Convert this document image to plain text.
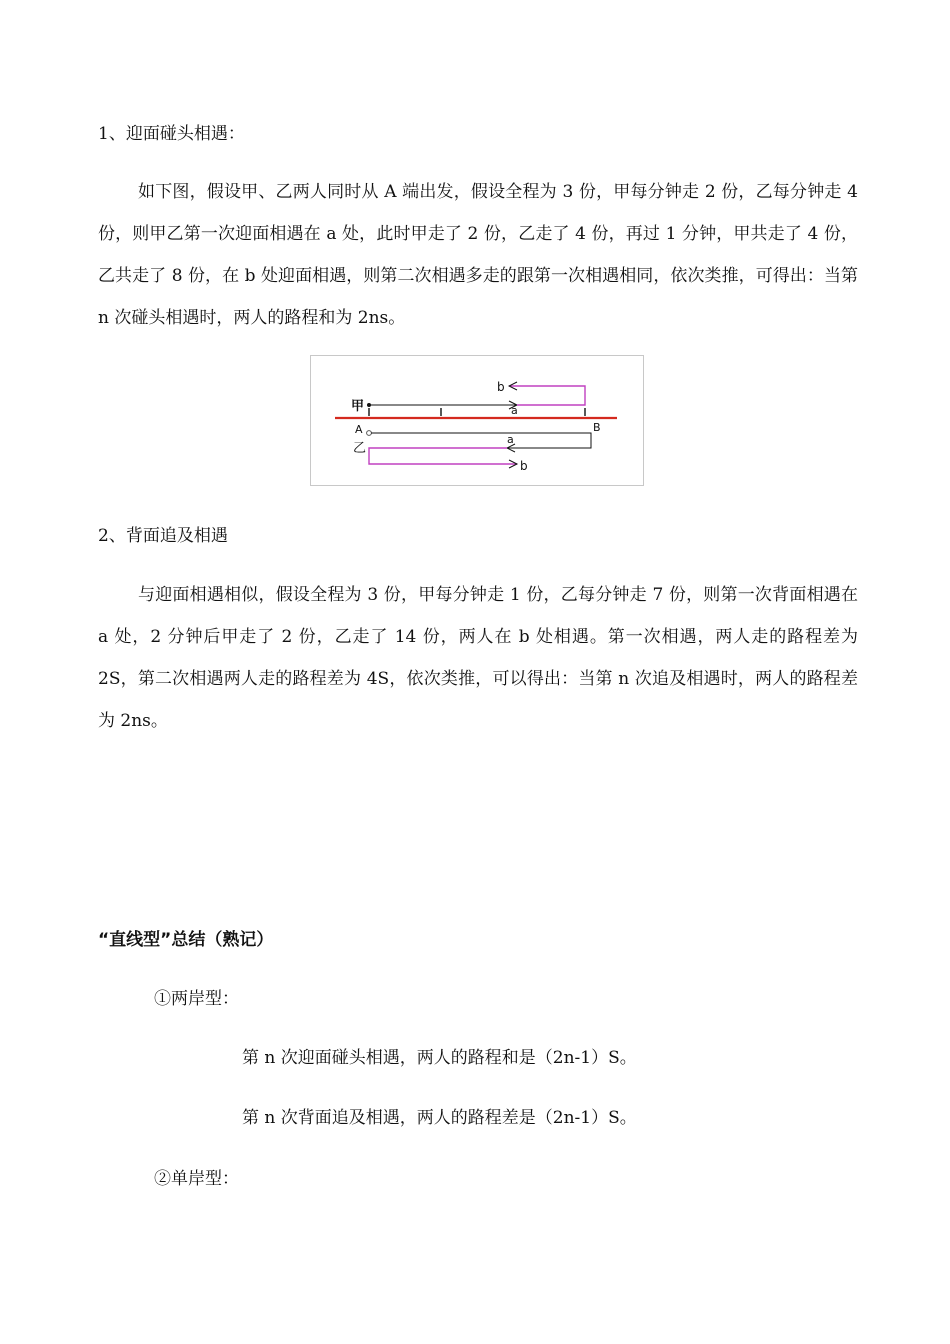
1、迎面碰头相遇：

如下图，假设甲、乙两人同时从 A 端出发，假设全程为 3 份，甲每分钟走 2 份，乙每分钟走 4 份，则甲乙第一次迎面相遇在 a 处，此时甲走了 2 份，乙走了 4 份，再过 1 分钟，甲共走了 4 份，乙共走了 8 份，在 b 处迎面相遇，则第二次相遇多走的跟第一次相遇相同，依次类推，可得出：当第 n 次碰头相遇时，两人的路程和为 2ns。

甲
乙
A	B
a
b
a
b

2、背面追及相遇

与迎面相遇相似，假设全程为 3 份，甲每分钟走 1 份，乙每分钟走 7 份，则第一次背面相遇在 a 处，2 分钟后甲走了 2 份，乙走了 14 份，两人在 b 处相遇。第一次相遇，两人走的路程差为 2S，第二次相遇两人走的路程差为 4S，依次类推，可以得出：当第 n 次追及相遇时，两人的路程差为 2ns。

“直线型”总结（熟记）

①两岸型：

第 n 次迎面碰头相遇，两人的路程和是（2n-1）S。

第 n 次背面追及相遇，两人的路程差是（2n-1）S。

②单岸型：
